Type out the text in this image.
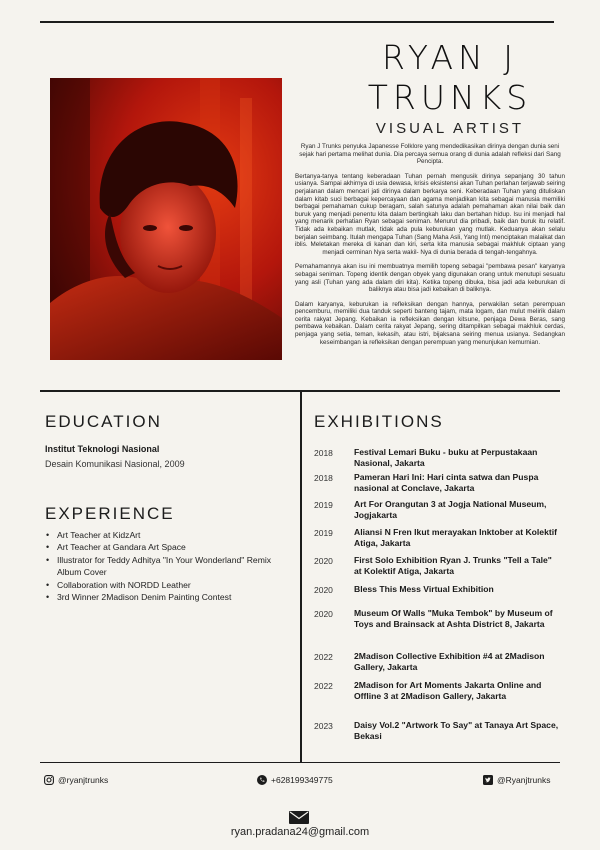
RYAN J
TRUNKS
VISUAL ARTIST

Ryan J Trunks penyuka Japanesse Folklore yang mendedikasikan dirinya dengan dunia seni sejak hari pertama melihat dunia. Dia percaya semua orang di dunia adalah refleksi dari Sang Pencipta.

Bertanya-tanya tentang keberadaan Tuhan pernah mengusik dirinya sepanjang 30 tahun usianya. Sampai akhirnya di usia dewasa, krisis eksistensi akan Tuhan perlahan terjawab seiring perjalanan dalam mencari jati dirinya dalam berkarya seni. Keberadaan Tuhan yang dituliskan dalam kitab suci berbagai kepercayaan dan agama menjadikan kita sebagai manusia memiliki berbagai pemahaman cukup beragam, salah satunya adalah pemahaman akan nilai baik dan buruk yang menjadi penentu kita dalam bertingkah laku dan bertahan hidup. Isu ini menjadi hal yang menarik perhatian Ryan sebagai seniman. Menurut dia pribadi, baik dan buruk itu relatif. Tidak ada kebaikan mutlak, tidak ada pula keburukan yang mutlak. Keduanya akan selalu berjalan seimbang. Itulah mengapa Tuhan (Sang Maha Asli, Yang Inti) menciptakan malaikat dan iblis. Meletakan mereka di kanan dan kiri, serta kita manusia sebagai makhluk ciptaan yang menjadi cerminan Nya serta wakil- Nya di dunia berada di tengah-tengahnya.

Pemahamannya akan isu ini membuatnya memilih topeng sebagai "pembawa pesan" karyanya sebagai seniman. Topeng identik dengan obyek yang digunakan orang untuk menutupi sesuatu yang asli (Tuhan yang ada dalam diri kita). Ketika topeng dibuka, bisa jadi ada keburukan di baliknya atau bisa jadi kebaikan di baliknya.

Dalam karyanya, keburukan ia refleksikan dengan hannya, perwakilan setan perempuan pencemburu, memiliki dua tanduk seperti banteng tajam, mata logam, dan mulut melirik dalam cerita rakyat Jepang. Kebaikan ia refleksikan dengan kitsune, penjaga Dewa Beras, sang pembawa kebaikan. Dalam cerita rakyat Jepang, sering ditampilkan sebagai makhluk cerdas, penjaga yang setia, teman, kekasih, atau istri, bijaksana seiring menua usianya. Sedangkan keseimbangan ia refleksikan dengan perempuan yang menunjukan kemurnian.

EDUCATION
Institut Teknologi Nasional
Desain Komunikasi Nasional, 2009
EXPERIENCE
• Art Teacher at KidzArt
• Art Teacher at Gandara Art Space
• Illustrator for Teddy Adhitya "In Your Wonderland" Remix Album Cover
• Collaboration with NORDD Leather
• 3rd Winner 2Madison Denim Painting Contest
EXHIBITIONS
2018 Festival Lemari Buku - buku at Perpustakaan Nasional, Jakarta
2018 Pameran Hari Ini: Hari cinta satwa dan Puspa nasional at Conclave, Jakarta
2019 Art For Orangutan 3 at Jogja National Museum, Jogjakarta
2019 Aliansi N Fren Ikut merayakan Inktober at Kolektif Atiga, Jakarta
2020 First Solo Exhibition Ryan J. Trunks "Tell a Tale" at Kolektif Atiga, Jakarta
2020 Bless This Mess Virtual Exhibition
2020 Museum Of Walls "Muka Tembok" by Museum of Toys and Brainsack at Ashta District 8, Jakarta
2022 2Madison Collective Exhibition #4 at 2Madison Gallery, Jakarta
2022 2Madison for Art Moments Jakarta Online and Offline 3 at 2Madison Gallery, Jakarta
2023 Daisy Vol.2 "Artwork To Say" at Tanaya Art Space, Bekasi
@ryanjtrunks	+628199349775	@Ryanjtrunks
ryan.pradana24@gmail.com
